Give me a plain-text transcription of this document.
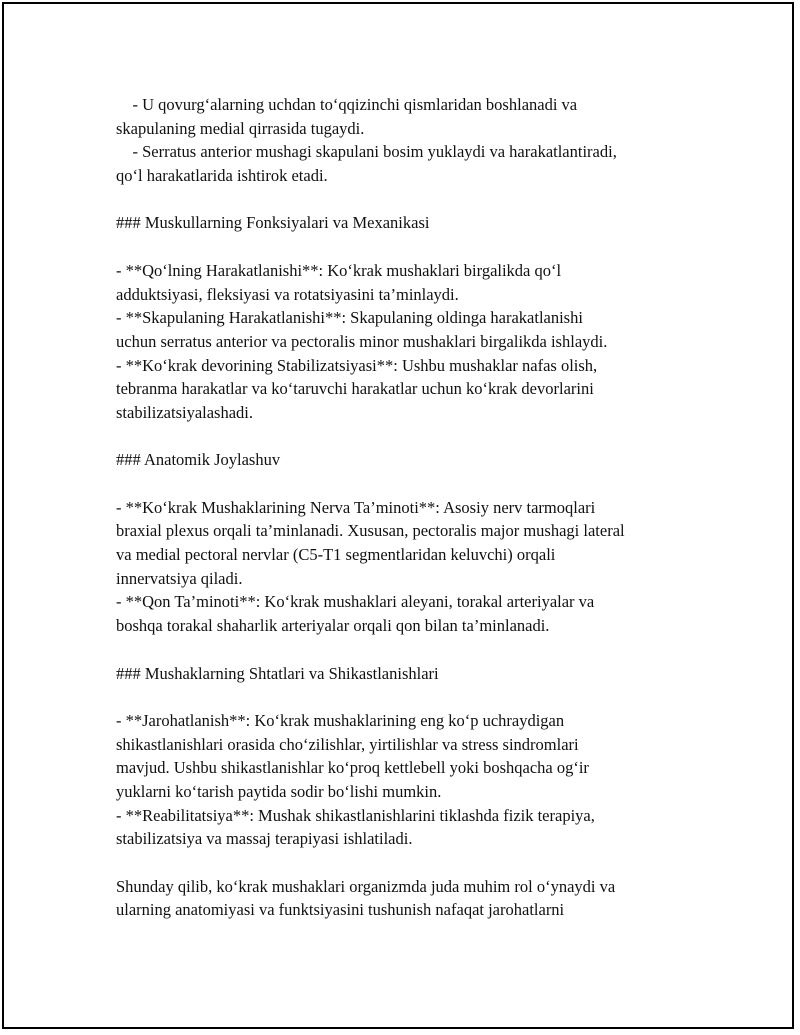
- U qovurg‘alarning uchdan to‘qqizinchi qismlaridan boshlanadi va
skapulaning medial qirrasida tugaydi.
- Serratus anterior mushagi skapulani bosim yuklaydi va harakatlantiradi,
qo‘l harakatlarida ishtirok etadi.
### Muskullarning Fonksiyalari va Mexanikasi
- **Qo‘lning Harakatlanishi**: Ko‘krak mushaklari birgalikda qo‘l
adduktsiyasi, fleksiyasi va rotatsiyasini ta’minlaydi.
- **Skapulaning Harakatlanishi**: Skapulaning oldinga harakatlanishi
uchun serratus anterior va pectoralis minor mushaklari birgalikda ishlaydi.
- **Ko‘krak devorining Stabilizatsiyasi**: Ushbu mushaklar nafas olish,
tebranma harakatlar va ko‘taruvchi harakatlar uchun ko‘krak devorlarini
stabilizatsiyalashadi.
### Anatomik Joylashuv
- **Ko‘krak Mushaklarining Nerva Ta’minoti**: Asosiy nerv tarmoqlari
braxial plexus orqali ta’minlanadi. Xususan, pectoralis major mushagi lateral
va medial pectoral nervlar (C5-T1 segmentlaridan keluvchi) orqali
innervatsiya qiladi.
- **Qon Ta’minoti**: Ko‘krak mushaklari aleyani, torakal arteriyalar va
boshqa torakal shaharlik arteriyalar orqali qon bilan ta’minlanadi.
### Mushaklarning Shtatlari va Shikastlanishlari
- **Jarohatlanish**: Ko‘krak mushaklarining eng ko‘p uchraydigan
shikastlanishlari orasida cho‘zilishlar, yirtilishlar va stress sindromlari
mavjud. Ushbu shikastlanishlar ko‘proq kettlebell yoki boshqacha og‘ir
yuklarni ko‘tarish paytida sodir bo‘lishi mumkin.
- **Reabilitatsiya**: Mushak shikastlanishlarini tiklashda fizik terapiya,
stabilizatsiya va massaj terapiyasi ishlatiladi.
Shunday qilib, ko‘krak mushaklari organizmda juda muhim rol o‘ynaydi va
ularning anatomiyasi va funktsiyasini tushunish nafaqat jarohatlarni
